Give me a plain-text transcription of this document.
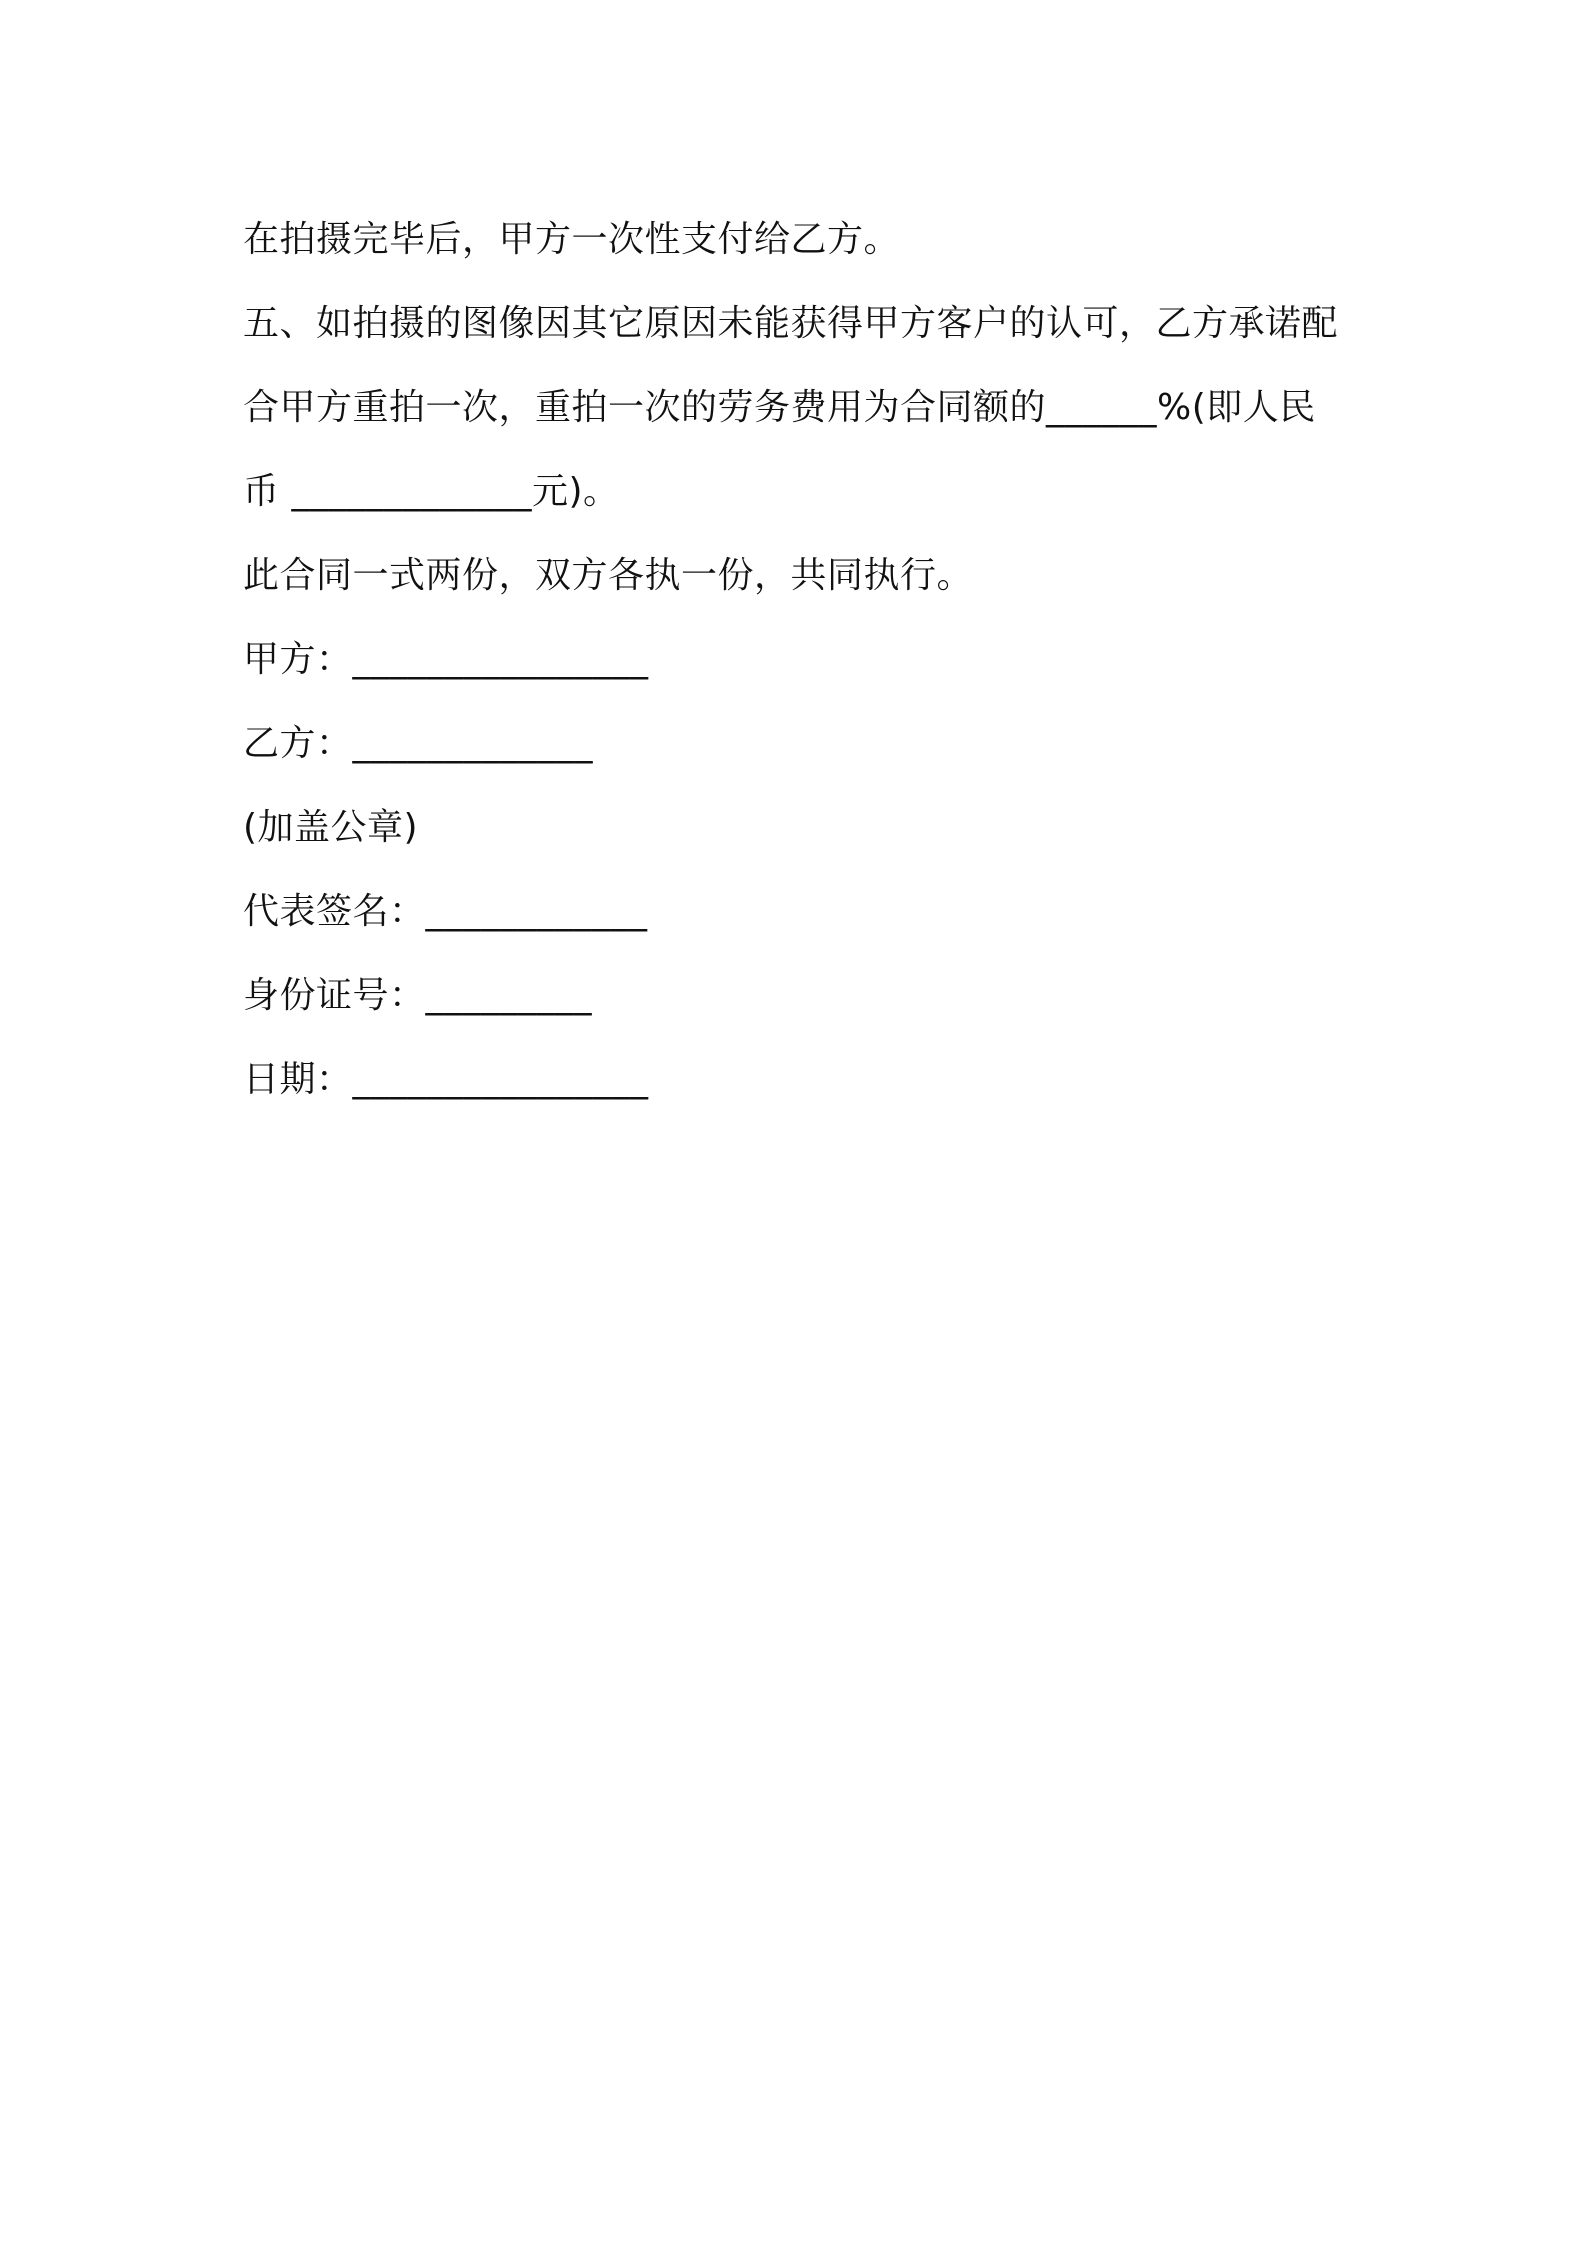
在拍摄完毕后，甲方一次性支付给乙方。

五、如拍摄的图像因其它原因未能获得甲方客户的认可，乙方承诺配

合甲方重拍一次，重拍一次的劳务费用为合同额的______%(即人民

币 _____________元)。

此合同一式两份，双方各执一份，共同执行。

甲方：________________

乙方：_____________

(加盖公章)

代表签名：____________

身份证号：_________

日期：________________
